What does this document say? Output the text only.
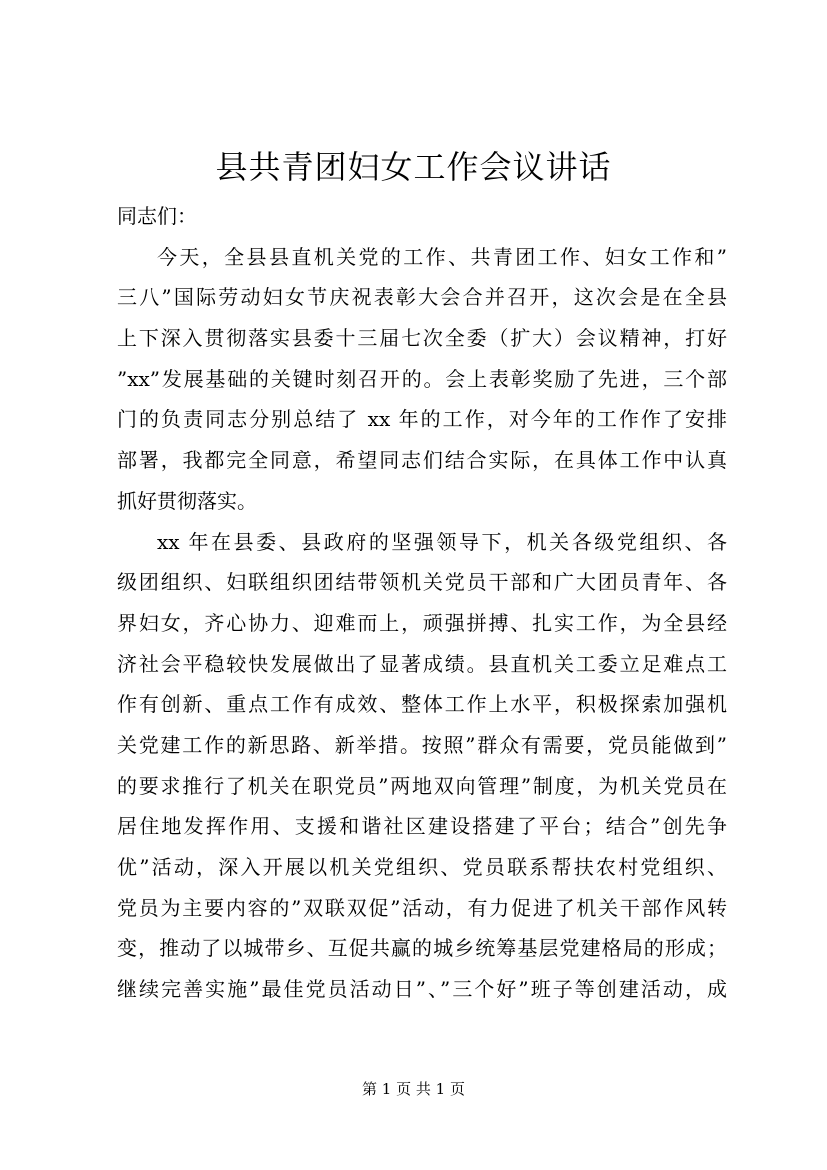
县共青团妇女工作会议讲话

同志们：

今天，全县县直机关党的工作、共青团工作、妇女工作和”

三八”国际劳动妇女节庆祝表彰大会合并召开，这次会是在全县

上下深入贯彻落实县委十三届七次全委（扩大）会议精神，打好

”xx”发展基础的关键时刻召开的。会上表彰奖励了先进，三个部

门的负责同志分别总结了 xx 年的工作，对今年的工作作了安排

部署，我都完全同意，希望同志们结合实际，在具体工作中认真

抓好贯彻落实。

xx 年在县委、县政府的坚强领导下，机关各级党组织、各

级团组织、妇联组织团结带领机关党员干部和广大团员青年、各

界妇女，齐心协力、迎难而上，顽强拼搏、扎实工作，为全县经

济社会平稳较快发展做出了显著成绩。县直机关工委立足难点工

作有创新、重点工作有成效、整体工作上水平，积极探索加强机

关党建工作的新思路、新举措。按照”群众有需要，党员能做到”

的要求推行了机关在职党员”两地双向管理”制度，为机关党员在

居住地发挥作用、支援和谐社区建设搭建了平台；结合”创先争

优”活动，深入开展以机关党组织、党员联系帮扶农村党组织、

党员为主要内容的”双联双促”活动，有力促进了机关干部作风转

变，推动了以城带乡、互促共赢的城乡统筹基层党建格局的形成；

继续完善实施”最佳党员活动日”、”三个好”班子等创建活动，成

第 1 页 共 1 页
